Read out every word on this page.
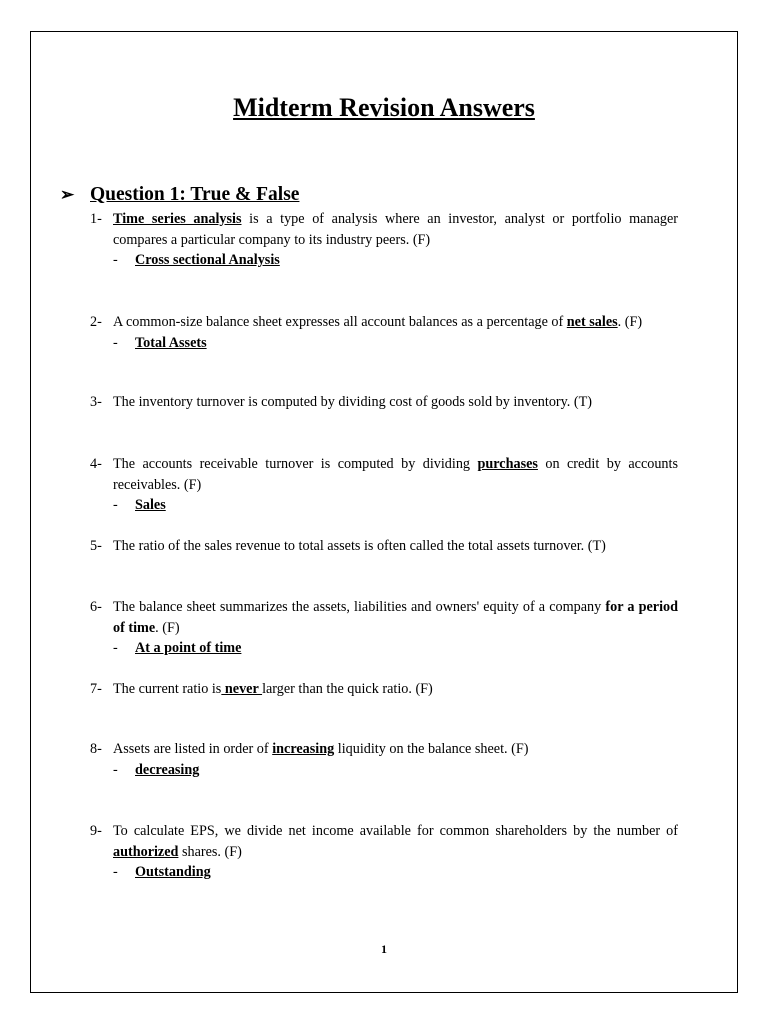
Midterm Revision Answers
➢ Question 1: True & False
1- Time series analysis is a type of analysis where an investor, analyst or portfolio manager compares a particular company to its industry peers. (F)
- Cross sectional Analysis
2- A common-size balance sheet expresses all account balances as a percentage of net sales. (F)
- Total Assets
3- The inventory turnover is computed by dividing cost of goods sold by inventory. (T)
4- The accounts receivable turnover is computed by dividing purchases on credit by accounts receivables. (F)
- Sales
5- The ratio of the sales revenue to total assets is often called the total assets turnover. (T)
6- The balance sheet summarizes the assets, liabilities and owners' equity of a company for a period of time. (F)
- At a point of time
7- The current ratio is never larger than the quick ratio. (F)
8- Assets are listed in order of increasing liquidity on the balance sheet. (F)
- decreasing
9- To calculate EPS, we divide net income available for common shareholders by the number of authorized shares. (F)
- Outstanding
1
